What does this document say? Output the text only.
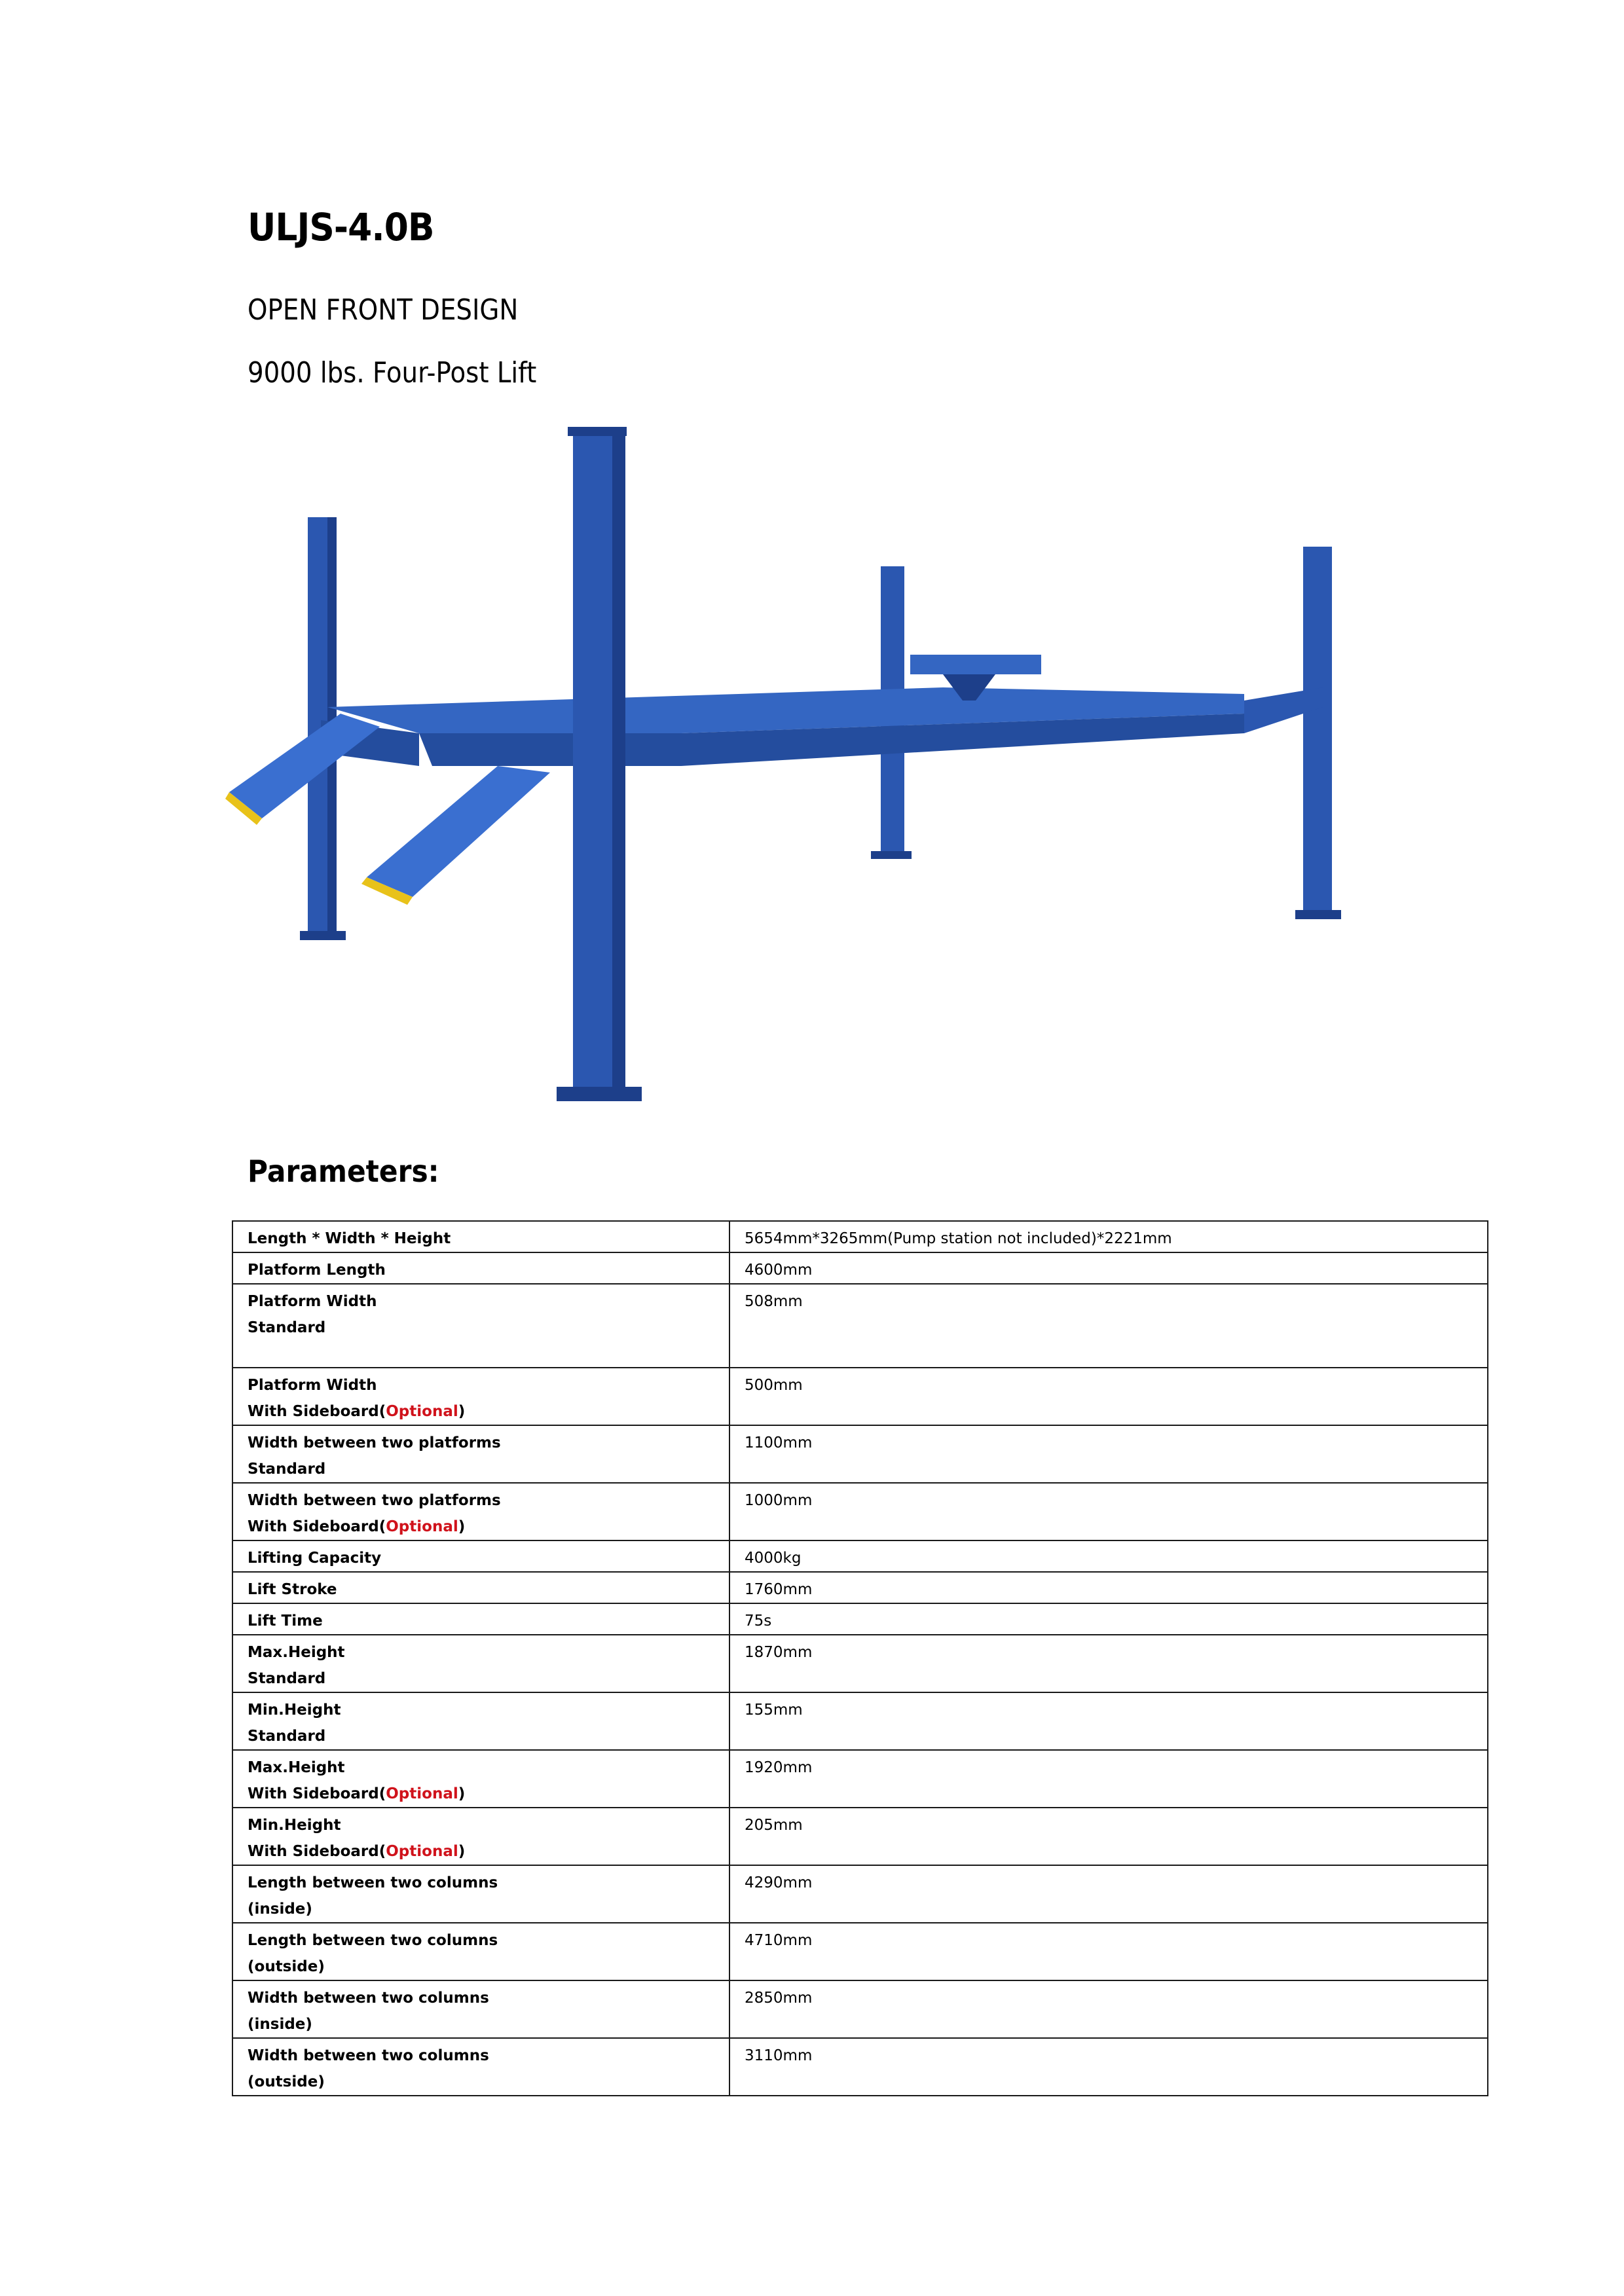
ULJS-4.0B
OPEN FRONT DESIGN
9000 lbs. Four-Post Lift
Parameters:
Length * Width * Height	5654mm*3265mm(Pump station not included)*2221mm

Platform Length	4600mm

Platform Width
Standard	508mm

Platform Width
With Sideboard(Optional)	500mm

Width between two platforms
Standard	1100mm

Width between two platforms
With Sideboard(Optional)	1000mm

Lifting Capacity	4000kg

Lift Stroke	1760mm

Lift Time	75s

Max.Height
Standard	1870mm

Min.Height
Standard	155mm

Max.Height
With Sideboard(Optional)	1920mm

Min.Height
With Sideboard(Optional)	205mm

Length between two columns
(inside)	4290mm

Length between two columns
(outside)	4710mm

Width between two columns
(inside)	2850mm

Width between two columns
(outside)	3110mm
